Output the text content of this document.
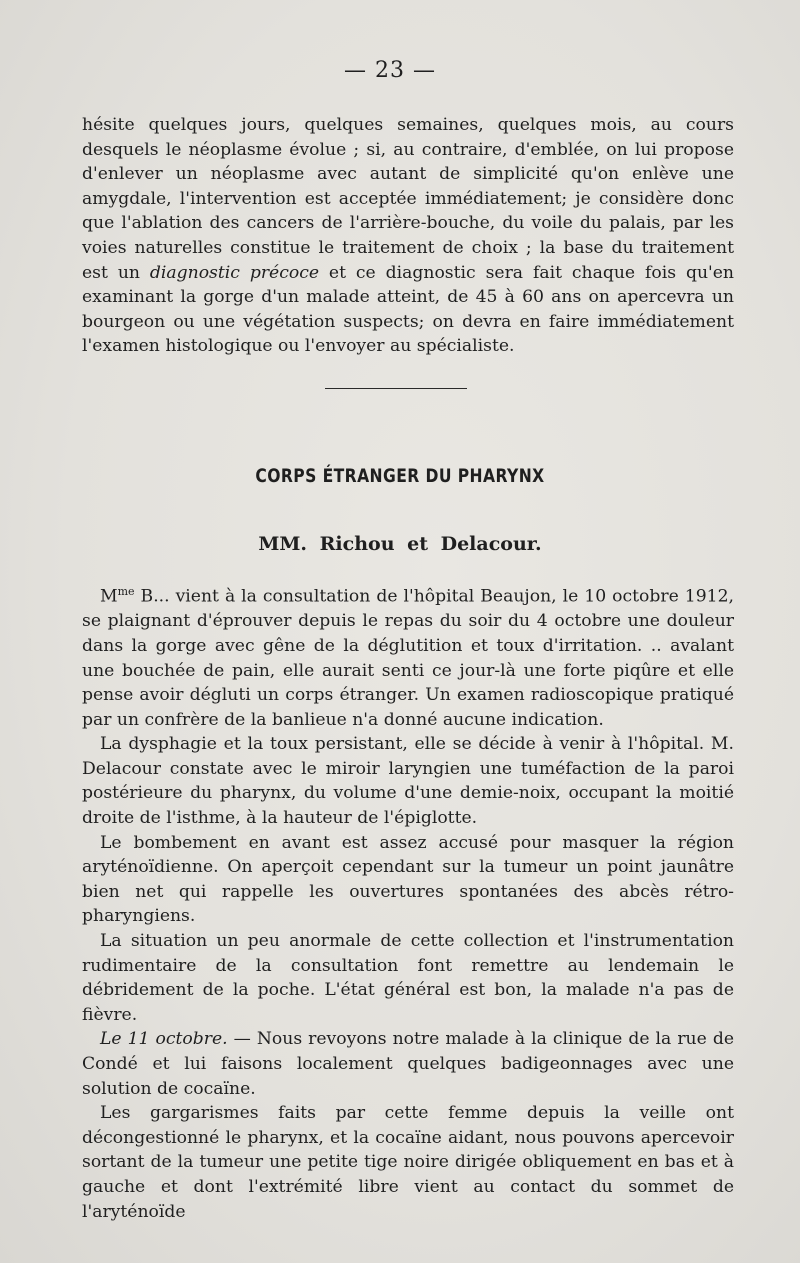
— 23 —

hésite quelques jours, quelques semaines, quelques mois, au cours desquels le néoplasme évolue ; si, au contraire, d'emblée, on lui propose d'enlever un néoplasme avec autant de simplicité qu'on enlève une amygdale, l'intervention est acceptée immédiatement; je considère donc que l'ablation des cancers de l'arrière-bouche, du voile du palais, par les voies naturelles constitue le traitement de choix ; la base du traitement est un diagnostic précoce et ce diagnostic sera fait chaque fois qu'en examinant la gorge d'un malade atteint, de 45 à 60 ans on apercevra un bourgeon ou une végétation suspects; on devra en faire immédiatement l'examen histologique ou l'envoyer au spécialiste.

CORPS ÉTRANGER DU PHARYNX
MM. Richou et Delacour.

$M^{me}$ B... vient à la consultation de l'hôpital Beaujon, le 10 octobre 1912, se plaignant d'éprouver depuis le repas du soir du 4 octobre une douleur dans la gorge avec gêne de la déglutition et toux d'irritation. .. avalant une bouchée de pain, elle aurait senti ce jour-là une forte piqûre et elle pense avoir dégluti un corps étranger. Un examen radioscopique pratiqué par un confrère de la banlieue n'a donné aucune indication.

La dysphagie et la toux persistant, elle se décide à venir à l'hôpital. M. Delacour constate avec le miroir laryngien une tuméfaction de la paroi postérieure du pharynx, du volume d'une demie-noix, occupant la moitié droite de l'isthme, à la hauteur de l'épiglotte.

Le bombement en avant est assez accusé pour masquer la région aryténoïdienne. On aperçoit cependant sur la tumeur un point jaunâtre bien net qui rappelle les ouvertures spontanées des abcès rétro-pharyngiens.

La situation un peu anormale de cette collection et l'instrumentation rudimentaire de la consultation font remettre au lendemain le débridement de la poche. L'état général est bon, la malade n'a pas de fièvre.

Le 11 octobre. — Nous revoyons notre malade à la clinique de la rue de Condé et lui faisons localement quelques badigeonnages avec une solution de cocaïne.

Les gargarismes faits par cette femme depuis la veille ont décongestionné le pharynx, et la cocaïne aidant, nous pouvons apercevoir sortant de la tumeur une petite tige noire dirigée obliquement en bas et à gauche et dont l'extrémité libre vient au contact du sommet de l'aryténoïde
